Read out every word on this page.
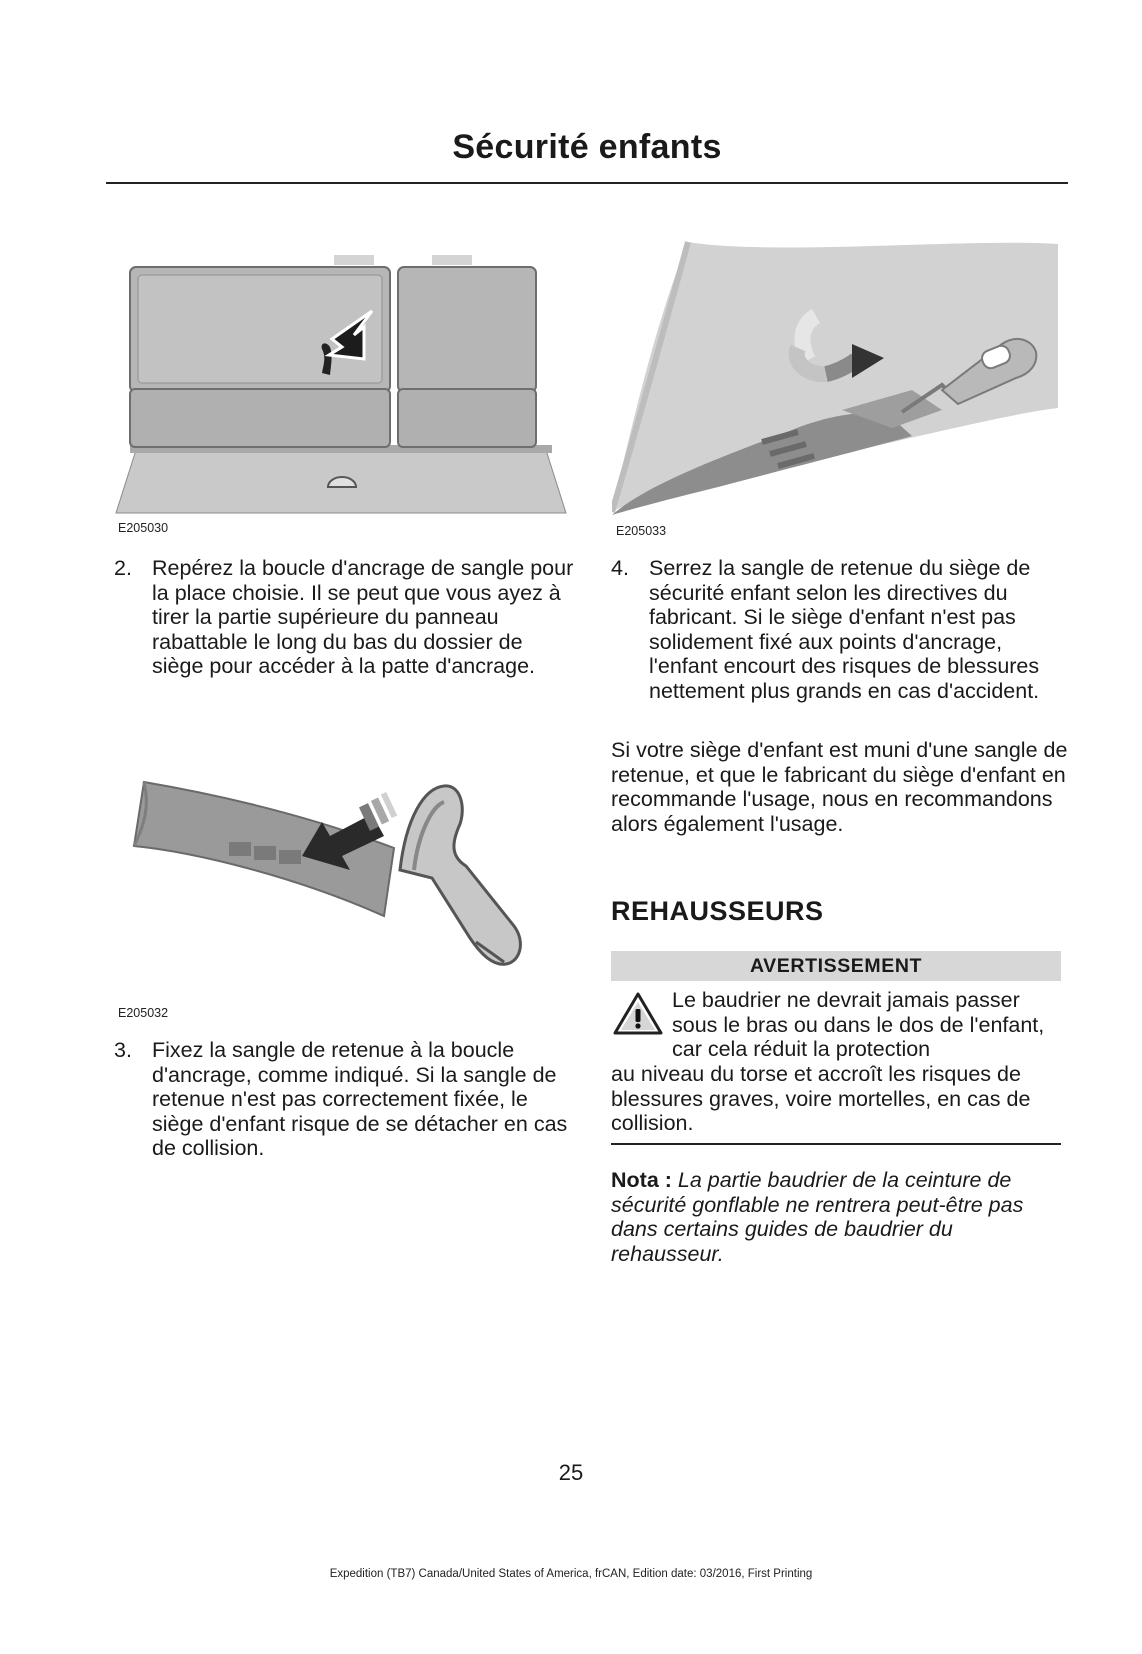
Sécurité enfants
E205030	E205033
2. Repérez la boucle d'ancrage de sangle pour la place choisie. Il se peut que vous ayez à tirer la partie supérieure du panneau rabattable le long du bas du dossier de siège pour accéder à la patte d'ancrage.
E205032
3. Fixez la sangle de retenue à la boucle d'ancrage, comme indiqué. Si la sangle de retenue n'est pas correctement fixée, le siège d'enfant risque de se détacher en cas de collision.
4. Serrez la sangle de retenue du siège de sécurité enfant selon les directives du fabricant. Si le siège d'enfant n'est pas solidement fixé aux points d'ancrage, l'enfant encourt des risques de blessures nettement plus grands en cas d'accident.
Si votre siège d'enfant est muni d'une sangle de retenue, et que le fabricant du siège d'enfant en recommande l'usage, nous en recommandons alors également l'usage.
REHAUSSEURS
AVERTISSEMENT
Le baudrier ne devrait jamais passer sous le bras ou dans le dos de l'enfant, car cela réduit la protection
au niveau du torse et accroît les risques de blessures graves, voire mortelles, en cas de collision.
Nota : La partie baudrier de la ceinture de sécurité gonflable ne rentrera peut-être pas dans certains guides de baudrier du rehausseur.
25
Expedition (TB7) Canada/United States of America, frCAN, Edition date: 03/2016, First Printing
